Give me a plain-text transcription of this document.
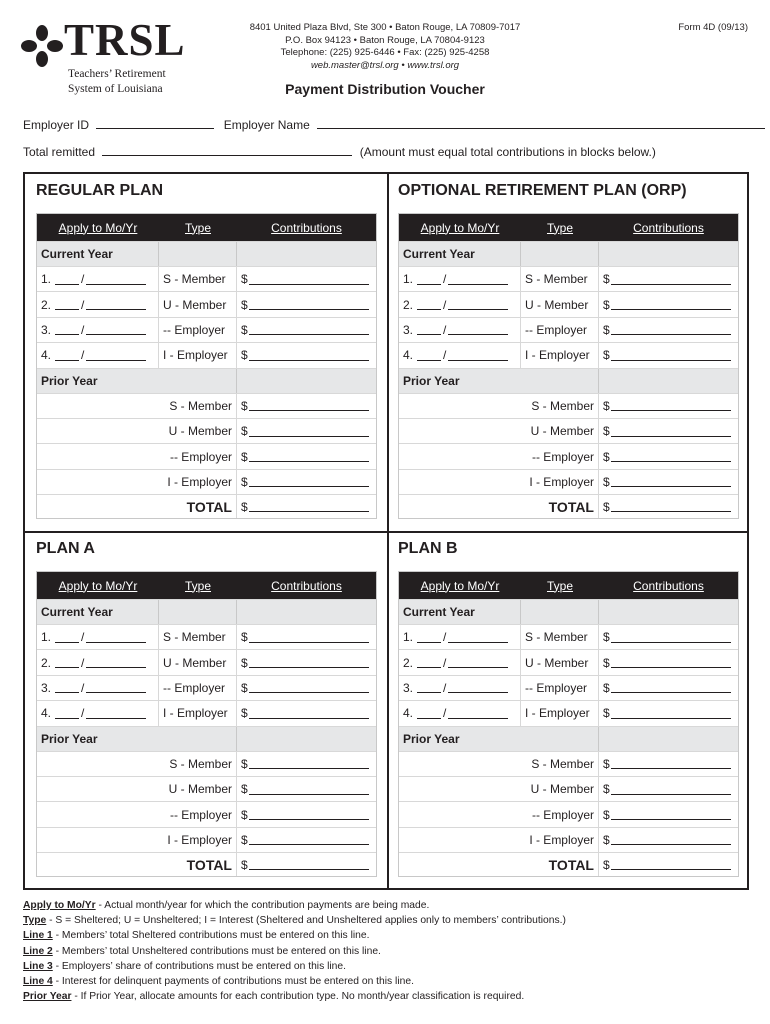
TRSL
Teachers’ Retirement
System of Louisiana
8401 United Plaza Blvd, Ste 300 • Baton Rouge, LA 70809-7017
P.O. Box 94123 • Baton Rouge, LA 70804-9123
Telephone: (225) 925-6446 • Fax: (225) 925-4258
web.master@trsl.org • www.trsl.org
Form 4D (09/13)
Payment Distribution Voucher
Employer ID	Employer Name
Total remitted	(Amount must equal total contributions in blocks below.)
REGULAR PLAN
Apply to Mo/Yr	Type	Contributions
Current Year
1.	/	S - Member	$
2.	/	U - Member	$
3.	/	-- Employer	$
4.	/	I - Employer	$
Prior Year
S - Member $
U - Member $
-- Employer $
I - Employer $
TOTAL $
OPTIONAL RETIREMENT PLAN (ORP)
Apply to Mo/Yr	Type	Contributions
Current Year
1.	/	S - Member	$
2.	/	U - Member	$
3.	/	-- Employer	$
4.	/	I - Employer	$
Prior Year
S - Member $
U - Member $
-- Employer $
I - Employer $
TOTAL $
PLAN A
Apply to Mo/Yr	Type	Contributions
Current Year
1.	/	S - Member	$
2.	/	U - Member	$
3.	/	-- Employer	$
4.	/	I - Employer	$
Prior Year
S - Member $
U - Member $
-- Employer $
I - Employer $
TOTAL $
PLAN B
Apply to Mo/Yr	Type	Contributions
Current Year
1.	/	S - Member	$
2.	/	U - Member	$
3.	/	-- Employer	$
4.	/	I - Employer	$
Prior Year
S - Member $
U - Member $
-- Employer $
I - Employer $
TOTAL $
Apply to Mo/Yr - Actual month/year for which the contribution payments are being made.
Type - S = Sheltered; U = Unsheltered; I = Interest (Sheltered and Unsheltered applies only to members’ contributions.)
Line 1 - Members’ total Sheltered contributions must be entered on this line.
Line 2 - Members’ total Unsheltered contributions must be entered on this line.
Line 3 - Employers’ share of contributions must be entered on this line.
Line 4 - Interest for delinquent payments of contributions must be entered on this line.
Prior Year - If Prior Year, allocate amounts for each contribution type. No month/year classification is required.
